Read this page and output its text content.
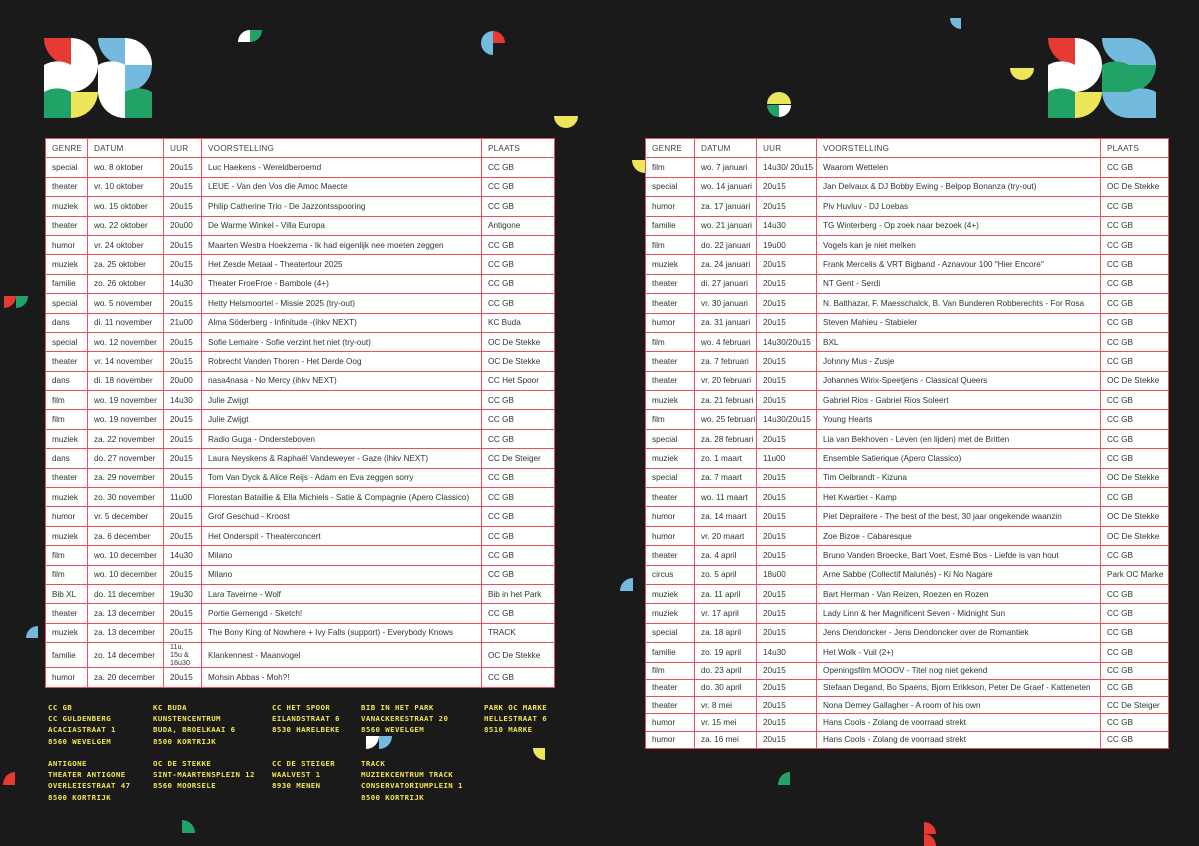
GENRE	DATUM	UUR	VOORSTELLING	PLAATS
special	wo. 8 oktober	20u15	Luc Haekens - Wereldberoemd	CC GB
theater	vr. 10 oktober	20u15	LEUE - Van den Vos die Amoc Maecte	CC GB
muziek	wo. 15 oktober	20u15	Philip Catherine Trio - De Jazzontsspooring	CC GB
theater	wo. 22 oktober	20u00	De Warme Winkel - Villa Europa	Antigone
humor	vr. 24 oktober	20u15	Maarten Westra Hoekzema - Ik had eigenlijk nee moeten zeggen	CC GB
muziek	za. 25 oktober	20u15	Het Zesde Metaal - Theatertour 2025	CC GB
familie	zo. 26 oktober	14u30	Theater FroeFroe - Bambole (4+)	CC GB
special	wo. 5 november	20u15	Hetty Helsmoortel - Missie 2025 (try-out)	CC GB
dans	di. 11 november	21u00	Alma Söderberg - Infinitude -(ihkv NEXT)	KC Buda
special	wo. 12 november	20u15	Sofie Lemaire - Sofie verzint het niet (try-out)	OC De Stekke
theater	vr. 14 november	20u15	Robrecht Vanden Thoren - Het Derde Oog	OC De Stekke
dans	di. 18 november	20u00	nasa4nasa - No Mercy (ihkv NEXT)	CC Het Spoor
film	wo. 19 november	14u30	Julie Zwijgt	CC GB
film	wo. 19 november	20u15	Julie Zwijgt	CC GB
muziek	za. 22 november	20u15	Radio Guga - Ondersteboven	CC GB
dans	do. 27 november	20u15	Laura Neyskens & Raphaël Vandeweyer - Gaze (ihkv NEXT)	CC De Steiger
theater	za. 29 november	20u15	Tom Van Dyck & Alice Reijs - Adam en Eva zeggen sorry	CC GB
muziek	zo. 30 november	11u00	Florestan Bataillie & Ella Michiels - Satie & Compagnie (Apero Classico)	CC GB
humor	vr. 5 december	20u15	Grof Geschud - Kroost	CC GB
muziek	za. 6 december	20u15	Het Onderspit - Theaterconcert	CC GB
film	wo. 10 december	14u30	Milano	CC GB
film	wo. 10 december	20u15	Milano	CC GB
Bib XL	do. 11 december	19u30	Lara Taveirne - Wolf	Bib in het Park
theater	za. 13 december	20u15	Portie Gemengd - Sketch!	CC GB
muziek	za. 13 december	20u15	The Bony King of Nowhere + Ivy Falls (support) - Everybody Knows	TRACK
familie	zo. 14 december	11u, 15u & 16u30	Klankennest - Maanvogel	OC De Stekke
humor	za. 20 december	20u15	Mohsin Abbas - Moh?!	CC GB
GENRE	DATUM	UUR	VOORSTELLING	PLAATS
film	wo. 7 januari	14u30/ 20u15	Waarom Wettelen	CC GB
special	wo. 14 januari	20u15	Jan Delvaux & DJ Bobby Ewing - Belpop Bonanza (try-out)	OC De Stekke
humor	za. 17 januari	20u15	Piv Huvluv - DJ Loebas	CC GB
familie	wo. 21 januari	14u30	TG Winterberg - Op zoek naar bezoek (4+)	CC GB
film	do. 22 januari	19u00	Vogels kan je niet melken	CC GB
muziek	za. 24 januari	20u15	Frank Mercelis & VRT Bigband - Aznavour 100 "Hier Encore"	CC GB
theater	di. 27 januari	20u15	NT Gent - Serdi	CC GB
theater	vr. 30 januari	20u15	N. Balthazar, F. Maesschalck, B. Van Bunderen Robberechts - For Rosa	CC GB
humor	za. 31 januari	20u15	Steven Mahieu - Stabieler	CC GB
film	wo. 4 februari	14u30/20u15	BXL	CC GB
theater	za. 7 februari	20u15	Johnny Mus - Zusje	CC GB
theater	vr. 20 februari	20u15	Johannes Wirix-Speetjens - Classical Queers	OC De Stekke
muziek	za. 21 februari	20u15	Gabriel Rios - Gabriel Rios Soleert	CC GB
film	wo. 25 februari	14u30/20u15	Young Hearts	CC GB
special	za. 28 februari	20u15	Lia van Bekhoven - Leven (en lijden) met de Britten	CC GB
muziek	zo. 1 maart	11u00	Ensemble Satierique (Apero Classico)	CC GB
special	za. 7 maart	20u15	Tim Oelbrandt - Kizuna	OC De Stekke
theater	wo. 11 maart	20u15	Het Kwartier - Kamp	CC GB
humor	za. 14 maart	20u15	Piet Depraitere - The best of the best, 30 jaar ongekende waanzin	OC De Stekke
humor	vr. 20 maart	20u15	Zoe Bizoe - Cabaresque	OC De Stekke
theater	za. 4 april	20u15	Bruno Vanden Broecke, Bart Voet, Esmé Bos - Liefde is van hout	CC GB
circus	zo. 5 april	18u00	Arne Sabbe (Collectif Malunés) - Ki No Nagare	Park OC Marke
muziek	za. 11 april	20u15	Bart Herman - Van Reizen, Roezen en Rozen	CC GB
muziek	vr. 17 april	20u15	Lady Linn & her Magnificent Seven - Midnight Sun	CC GB
special	za. 18 april	20u15	Jens Dendoncker - Jens Dendoncker over de Romantiek	CC GB
familie	zo. 19 april	14u30	Het Wolk - Vuil (2+)	CC GB
film	do. 23 april	20u15	Openingsfilm MOOOV - Titel nog niet gekend	CC GB
theater	do. 30 april	20u15	Stefaan Degand, Bo Spaens, Bjorn Erikkson, Peter De Graef - Katteneten	CC GB
theater	vr. 8 mei	20u15	Nona Demey Gallagher - A room of his own	CC De Steiger
humor	vr. 15 mei	20u15	Hans Cools - Zolang de voorraad strekt	CC GB
humor	za. 16 mei	20u15	Hans Cools - Zolang de voorraad strekt	CC GB
CC GB
CC GULDENBERG
ACACIASTRAAT 1
8560 WEVELGEM
KC BUDA
KUNSTENCENTRUM
BUDA, BROELKAAI 6
8500 KORTRIJK
CC HET SPOOR
EILANDSTRAAT 6
8530 HARELBEKE
BIB IN HET PARK
VANACKERESTRAAT 20
8560 WEVELGEM
PARK OC MARKE
HELLESTRAAT 6
8510 MARKE
ANTIGONE
THEATER ANTIGONE
OVERLEIESTRAAT 47
8500 KORTRIJK
OC DE STEKKE
SINT-MAARTENSPLEIN 12
8560 MOORSELE
CC DE STEIGER
WAALVEST 1
8930 MENEN
TRACK
MUZIEKCENTRUM TRACK
CONSERVATORIUMPLEIN 1
8500 KORTRIJK
